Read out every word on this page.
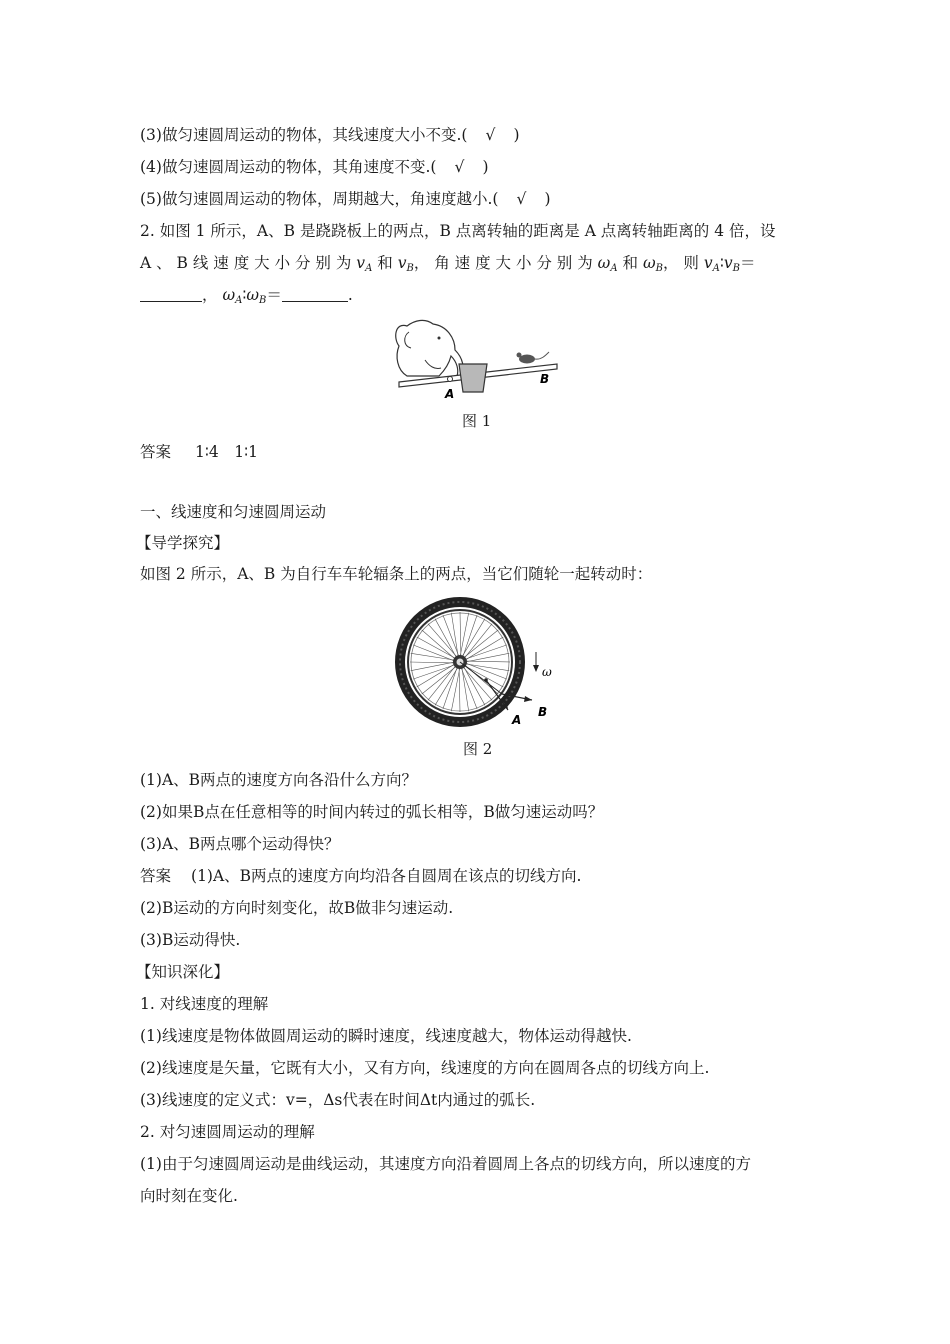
(3)做匀速圆周运动的物体，其线速度大小不变.( √ )
(4)做匀速圆周运动的物体，其角速度不变.( √ )
(5)做匀速圆周运动的物体，周期越大，角速度越小.( √ )
2. 如图 1 所示，A、B 是跷跷板上的两点，B 点离转轴的距离是 A 点离转轴距离的 4 倍，设
A 、 B 线 速 度 大 小 分 别 为 $v_A$ 和 $v_B$， 角 速 度 大 小 分 别 为 $\omega_A$ 和 $\omega_B$， 则 $v_A∶v_B=$
， $\omega_A∶\omega_B=$	.
A
B
图 1
答案 1∶4　1∶1
一、线速度和匀速圆周运动
【导学探究】
如图 2 所示，A、B 为自行车车轮辐条上的两点，当它们随轮一起转动时：
A
B
ω
图 2
(1)A、B两点的速度方向各沿什么方向？
(2)如果B点在任意相等的时间内转过的弧长相等，B做匀速运动吗？
(3)A、B两点哪个运动得快？
答案 (1)A、B两点的速度方向均沿各自圆周在该点的切线方向.
(2)B运动的方向时刻变化，故B做非匀速运动.
(3)B运动得快.
【知识深化】
1. 对线速度的理解
(1)线速度是物体做圆周运动的瞬时速度，线速度越大，物体运动得越快.
(2)线速度是矢量，它既有大小，又有方向，线速度的方向在圆周各点的切线方向上.
(3)线速度的定义式：v=，Δs代表在时间Δt内通过的弧长.
2. 对匀速圆周运动的理解
(1)由于匀速圆周运动是曲线运动，其速度方向沿着圆周上各点的切线方向，所以速度的方
向时刻在变化.
